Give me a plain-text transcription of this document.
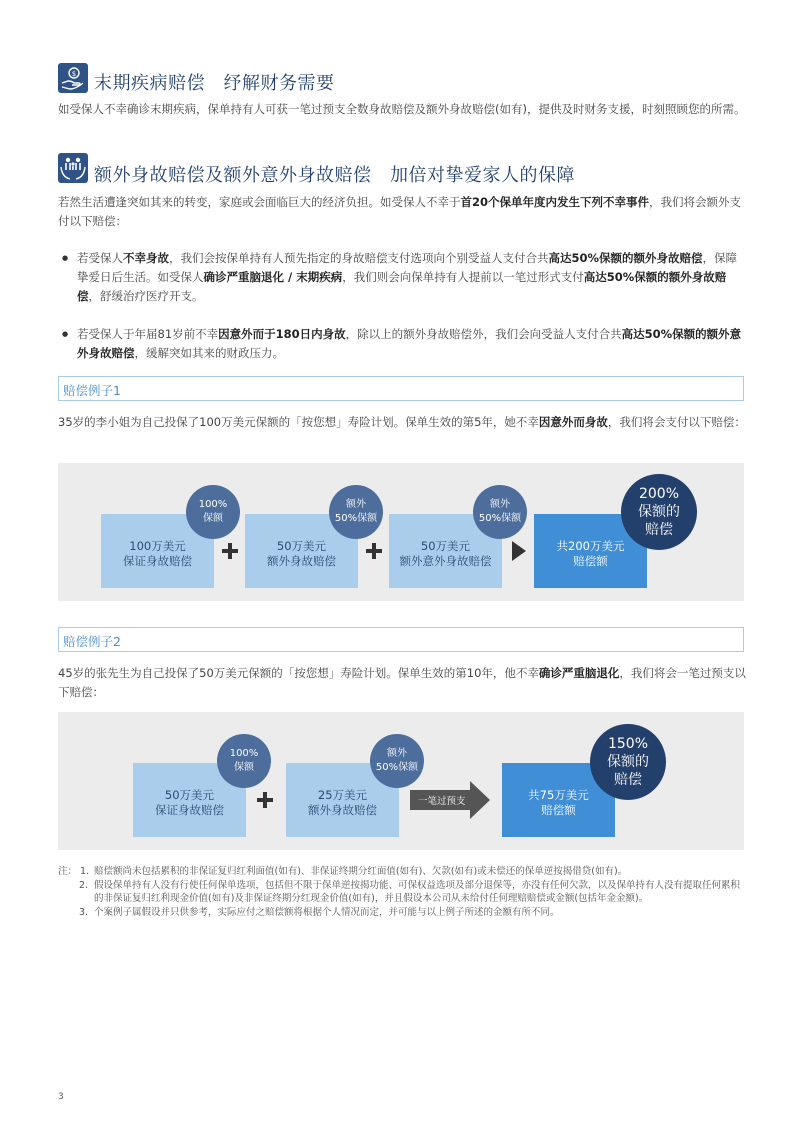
$ 末期疾病赔偿　纾解财务需要
如受保人不幸确诊末期疾病，保单持有人可获一笔过预支全数身故赔偿及额外身故赔偿(如有)，提供及时财务支援，时刻照顾您的所需。
额外身故赔偿及额外意外身故赔偿　加倍对挚爱家人的保障
若然生活遭逢突如其来的转变，家庭或会面临巨大的经济负担。如受保人不幸于首20个保单年度内发生下列不幸事件，我们将会额外支付以下赔偿：
● 若受保人不幸身故，我们会按保单持有人预先指定的身故赔偿支付选项向个别受益人支付合共高达50%保额的额外身故赔偿，保障挚爱日后生活。如受保人确诊严重脑退化 / 末期疾病，我们则会向保单持有人提前以一笔过形式支付高达50%保额的额外身故赔偿，舒缓治疗医疗开支。
● 若受保人于年届81岁前不幸因意外而于180日内身故，除以上的额外身故赔偿外，我们会向受益人支付合共高达50%保额的额外意外身故赔偿，缓解突如其来的财政压力。
赔偿例子1
35岁的李小姐为自己投保了100万美元保额的「按您想」寿险计划。保单生效的第5年，她不幸因意外而身故，我们将会支付以下赔偿：
100万美元
保证身故赔偿
100%
保额
50万美元
额外身故赔偿
额外
50%保额
50万美元
额外意外身故赔偿
额外
50%保额
共200万美元
赔偿额
200%
保额的
赔偿
赔偿例子2
45岁的张先生为自己投保了50万美元保额的「按您想」寿险计划。保单生效的第10年，他不幸确诊严重脑退化，我们将会一笔过预支以下赔偿：
50万美元
保证身故赔偿
100%
保额
25万美元
额外身故赔偿
额外
50%保额
一笔过预支	共75万美元
赔偿额
150%
保额的
赔偿
注： 1. 赔偿额尚未包括累积的非保证复归红利面值(如有)、非保证终期分红面值(如有)、欠款(如有)或未偿还的保单逆按揭借贷(如有)。
2. 假设保单持有人没有行使任何保单选项，包括但不限于保单逆按揭功能、可保权益选项及部分退保等，亦没有任何欠款，以及保单持有人没有提取任何累积的非保证复归红利现金价值(如有)及非保证终期分红现金价值(如有)，并且假设本公司从未给付任何理赔赔偿或金额(包括年金金额)。
3. 个案例子属假设并只供参考，实际应付之赔偿额将根据个人情况而定，并可能与以上例子所述的金额有所不同。
3
